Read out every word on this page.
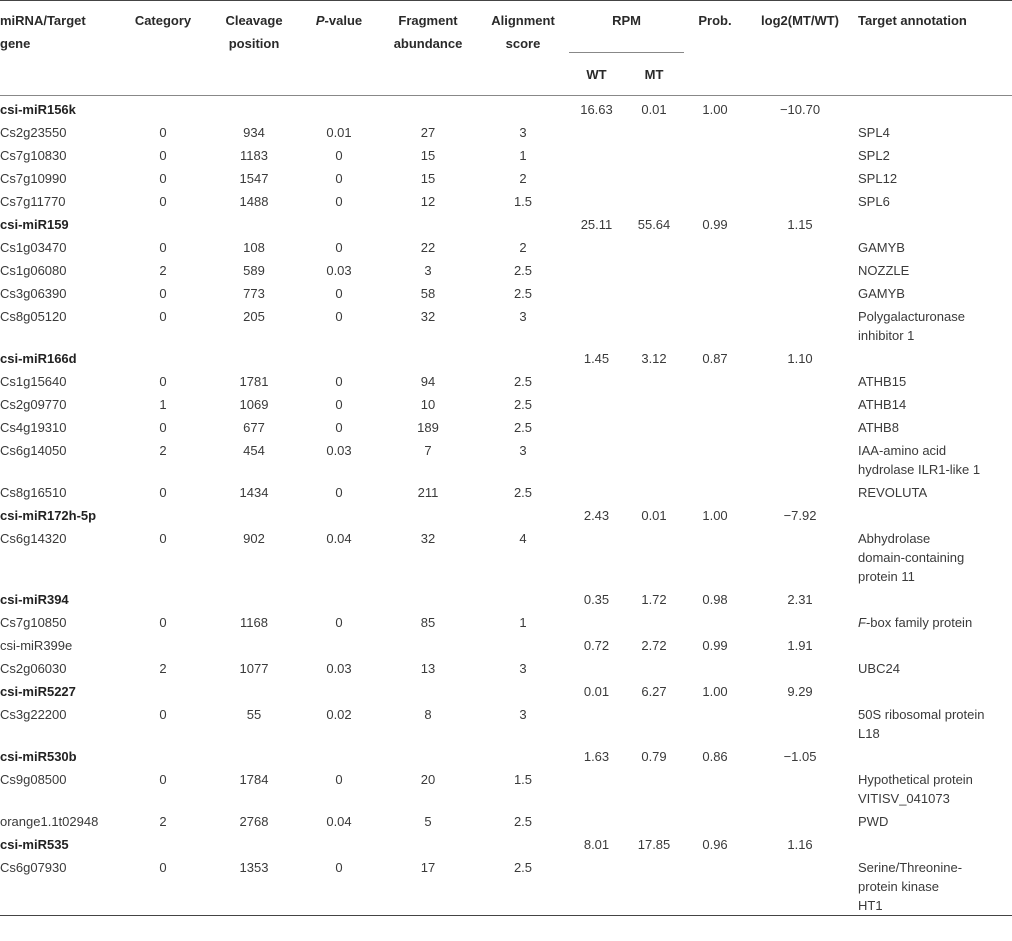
miRNA/Target gene	Category	Cleavage position	P-value	Fragment abundance	Alignment score	RPM		Prob.	log2(MT/WT)	Target annotation
						WT	MT			
csi-miR156k						16.63	0.01	1.00	−10.70	
Cs2g23550	0	934	0.01	27	3					SPL4
Cs7g10830	0	1183	0	15	1					SPL2
Cs7g10990	0	1547	0	15	2					SPL12
Cs7g11770	0	1488	0	12	1.5					SPL6
csi-miR159						25.11	55.64	0.99	1.15	
Cs1g03470	0	108	0	22	2					GAMYB
Cs1g06080	2	589	0.03	3	2.5					NOZZLE
Cs3g06390	0	773	0	58	2.5					GAMYB
Cs8g05120	0	205	0	32	3					Polygalacturonase
inhibitor 1

csi-miR166d						1.45	3.12	0.87	1.10	
Cs1g15640	0	1781	0	94	2.5					ATHB15
Cs2g09770	1	1069	0	10	2.5					ATHB14
Cs4g19310	0	677	0	189	2.5					ATHB8
Cs6g14050	2	454	0.03	7	3					IAA-amino acid
hydrolase ILR1-like 1

Cs8g16510	0	1434	0	211	2.5					REVOLUTA
csi-miR172h-5p						2.43	0.01	1.00	−7.92	
Cs6g14320	0	902	0.04	32	4					Abhydrolase
domain-containing
protein 11

csi-miR394						0.35	1.72	0.98	2.31	
Cs7g10850	0	1168	0	85	1					F-box family protein
csi-miR399e						0.72	2.72	0.99	1.91	
Cs2g06030	2	1077	0.03	13	3					UBC24
csi-miR5227						0.01	6.27	1.00	9.29	
Cs3g22200	0	55	0.02	8	3					50S ribosomal protein
L18

csi-miR530b						1.63	0.79	0.86	−1.05	
Cs9g08500	0	1784	0	20	1.5					Hypothetical protein
VITISV_041073

orange1.1t02948	2	2768	0.04	5	2.5					PWD
csi-miR535						8.01	17.85	0.96	1.16	
Cs6g07930	0	1353	0	17	2.5					Serine/Threonine-
protein kinase
HT1
